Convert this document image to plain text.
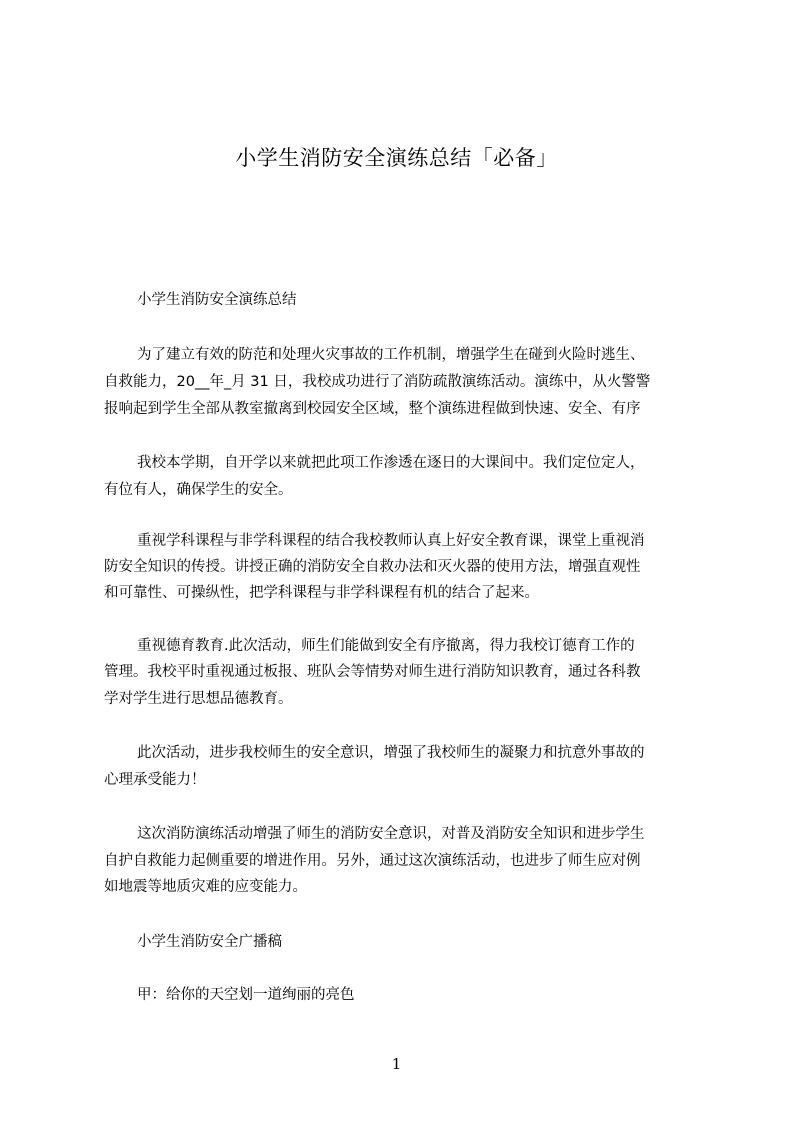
小学生消防安全演练总结「必备」
小学生消防安全演练总结
为了建立有效的防范和处理火灾事故的工作机制，增强学生在碰到火险时逃生、
自救能力，20__年_月 31 日，我校成功进行了消防疏散演练活动。演练中，从火警警
报响起到学生全部从教室撤离到校园安全区域，整个演练进程做到快速、安全、有序
我校本学期，自开学以来就把此项工作渗透在逐日的大课间中。我们定位定人，
有位有人，确保学生的安全。
重视学科课程与非学科课程的结合我校教师认真上好安全教育课，课堂上重视消
防安全知识的传授。讲授正确的消防安全自救办法和灭火器的使用方法，增强直观性
和可靠性、可操纵性，把学科课程与非学科课程有机的结合了起来。
重视德育教育.此次活动，师生们能做到安全有序撤离，得力我校订德育工作的
管理。我校平时重视通过板报、班队会等情势对师生进行消防知识教育，通过各科教
学对学生进行思想品德教育。
此次活动，进步我校师生的安全意识，增强了我校师生的凝聚力和抗意外事故的
心理承受能力！
这次消防演练活动增强了师生的消防安全意识，对普及消防安全知识和进步学生
自护自救能力起侧重要的增进作用。另外，通过这次演练活动，也进步了师生应对例
如地震等地质灾难的应变能力。
小学生消防安全广播稿
甲：给你的天空划一道绚丽的亮色
1
